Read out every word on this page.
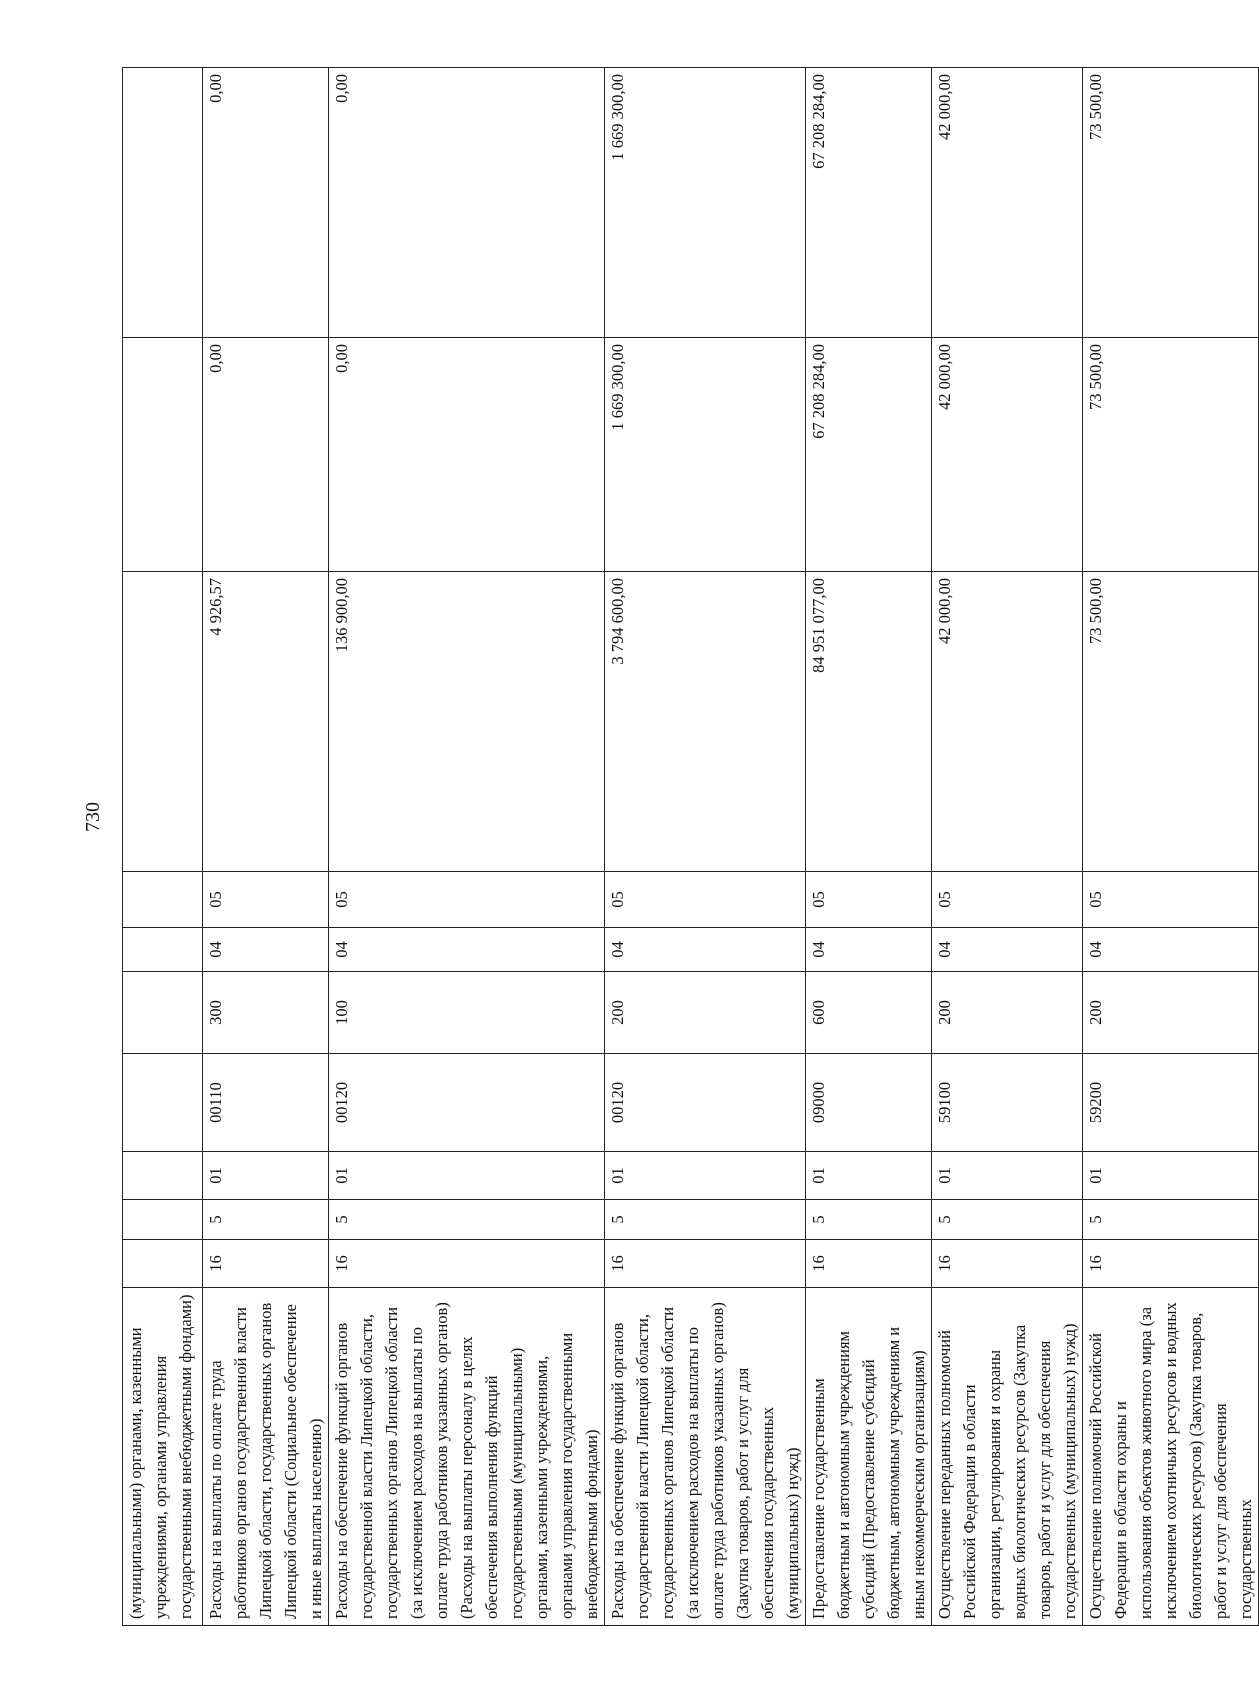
730
(муниципальными) органами, казенными учреждениями, органами управления государственными внебюджетными фондами)										
Расходы на выплаты по оплате труда работников органов государственной власти Липецкой области, государственных органов Липецкой области (Социальное обеспечение и иные выплаты населению)	16	5	01	00110	300	04	05	4 926,57	0,00	0,00
Расходы на обеспечение функций органов государственной власти Липецкой области, государственных органов Липецкой области (за исключением расходов на выплаты по оплате труда работников указанных органов) (Расходы на выплаты персоналу в целях обеспечения выполнения функций государственными (муниципальными) органами, казенными учреждениями, органами управления государственными внебюджетными фондами)	16	5	01	00120	100	04	05	136 900,00	0,00	0,00
Расходы на обеспечение функций органов государственной власти Липецкой области, государственных органов Липецкой области (за исключением расходов на выплаты по оплате труда работников указанных органов) (Закупка товаров, работ и услуг для обеспечения государственных (муниципальных) нужд)	16	5	01	00120	200	04	05	3 794 600,00	1 669 300,00	1 669 300,00
Предоставление государственным бюджетным и автономным учреждениям субсидий (Предоставление субсидий бюджетным, автономным учреждениям и иным некоммерческим организациям)	16	5	01	09000	600	04	05	84 951 077,00	67 208 284,00	67 208 284,00
Осуществление переданных полномочий Российской Федерации в области организации, регулирования и охраны водных биологических ресурсов (Закупка товаров, работ и услуг для обеспечения государственных (муниципальных) нужд)	16	5	01	59100	200	04	05	42 000,00	42 000,00	42 000,00
Осуществление полномочий Российской Федерации в области охраны и использования объектов животного мира (за исключением охотничьих ресурсов и водных биологических ресурсов) (Закупка товаров, работ и услуг для обеспечения государственных	16	5	01	59200	200	04	05	73 500,00	73 500,00	73 500,00
